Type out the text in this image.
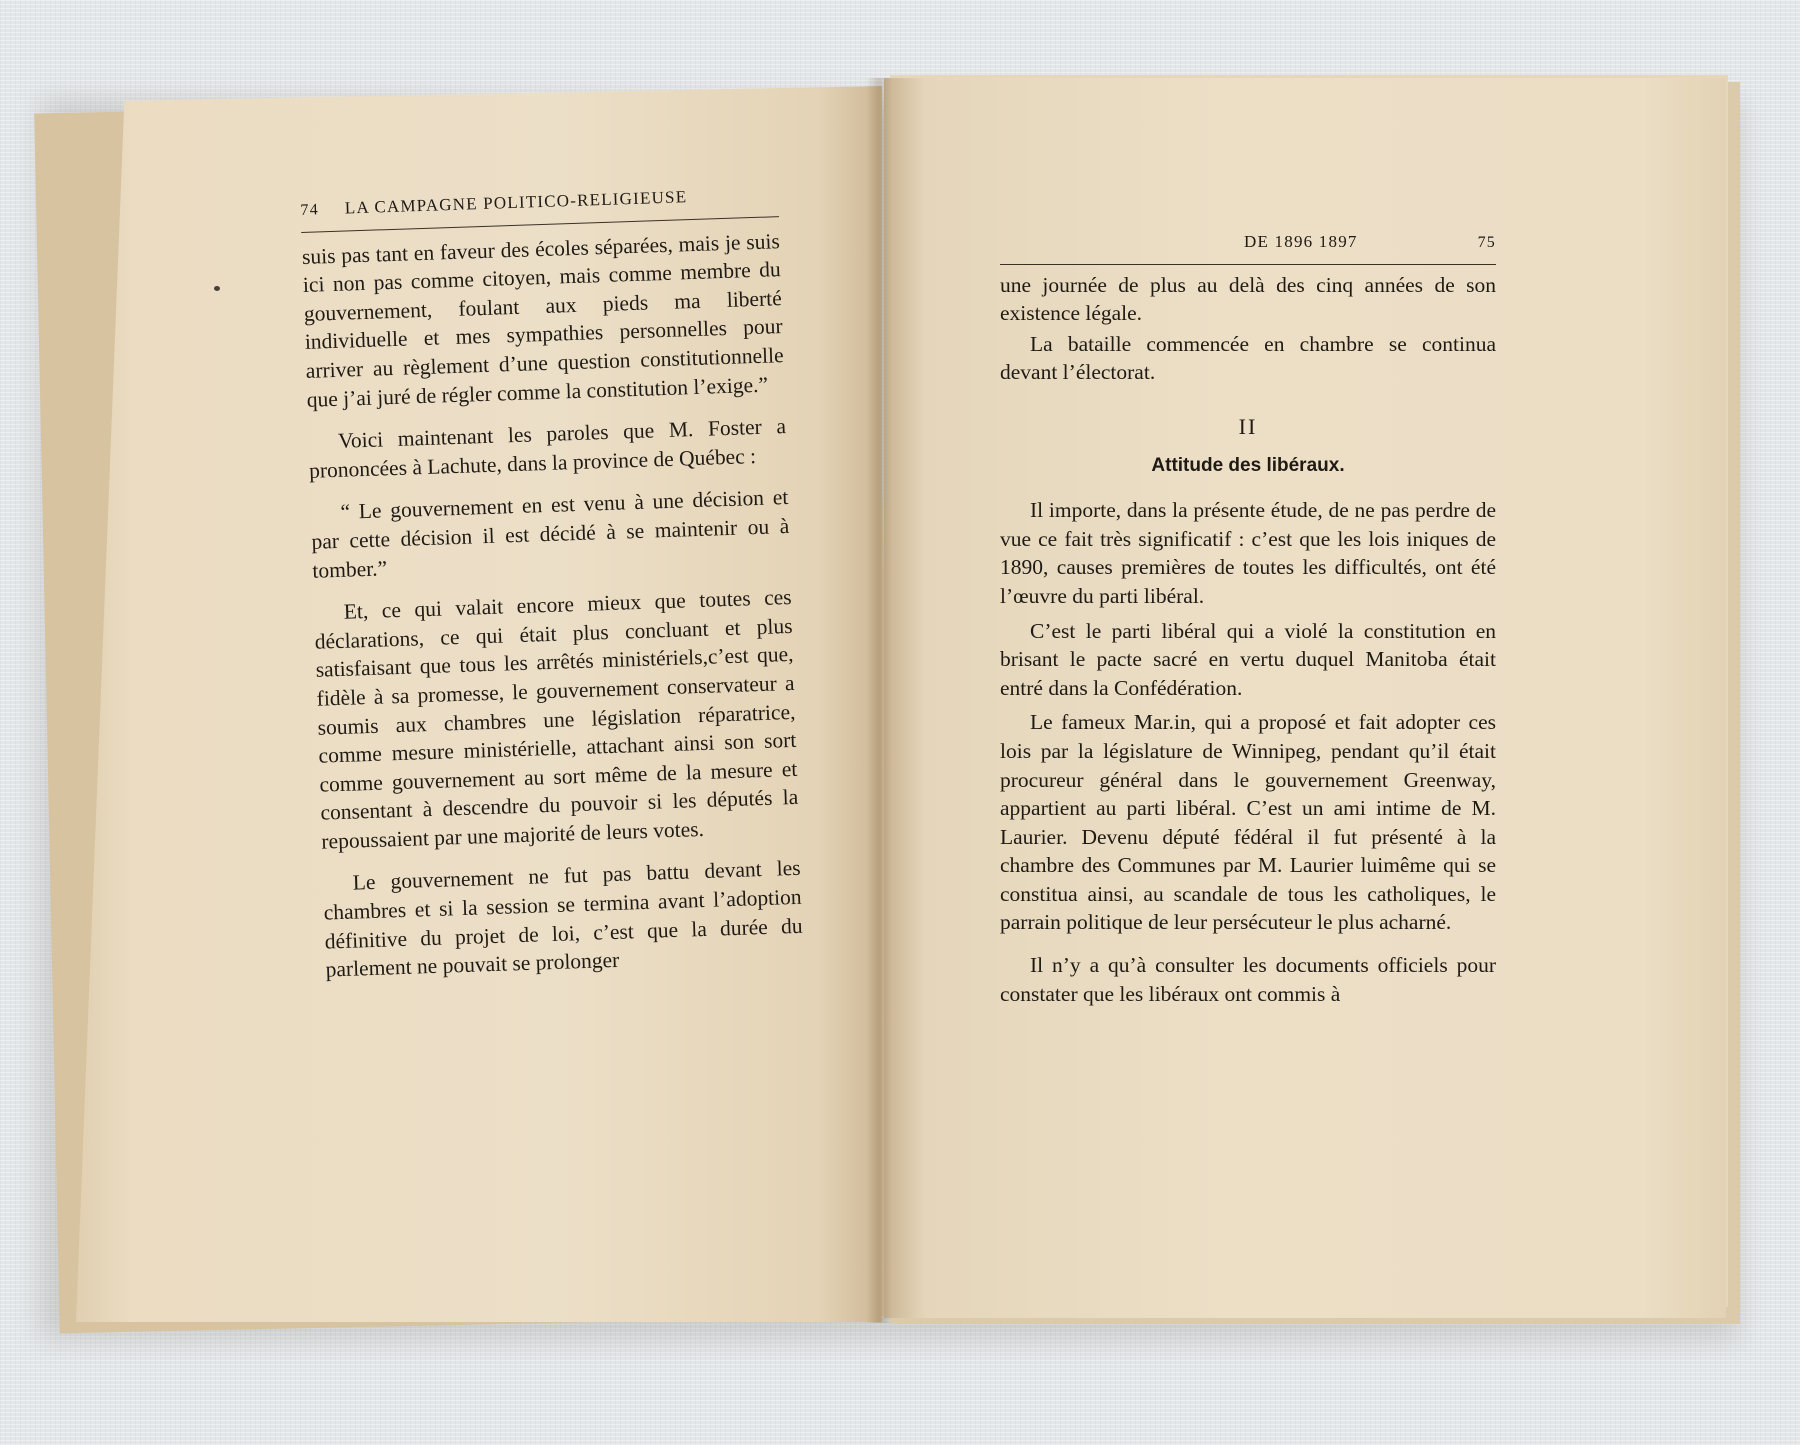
74 LA CAMPAGNE POLITICO-RELIGIEUSE

suis pas tant en faveur des écoles séparées, mais je suis ici non pas comme citoyen, mais comme membre du gouvernement, foulant aux pieds ma liberté individuelle et mes sympathies personnelles pour arriver au règlement d’une question constitutionnelle que j’ai juré de régler comme la constitution l’exige.”

Voici maintenant les paroles que M. Foster a prononcées à Lachute, dans la province de Québec :

“ Le gouvernement en est venu à une décision et par cette décision il est décidé à se maintenir ou à tomber.”

Et, ce qui valait encore mieux que toutes ces déclarations, ce qui était plus concluant et plus satisfaisant que tous les arrêtés ministériels,c’est que, fidèle à sa promesse, le gouvernement conservateur a soumis aux chambres une législation réparatrice, comme mesure ministérielle, attachant ainsi son sort comme gouvernement au sort même de la mesure et consentant à descendre du pouvoir si les députés la repoussaient par une majorité de leurs votes.

Le gouvernement ne fut pas battu devant les chambres et si la session se termina avant l’adoption définitive du projet de loi, c’est que la durée du parlement ne pouvait se prolonger

DE 1896 1897	75

une journée de plus au delà des cinq années de son existence légale.

La bataille commencée en chambre se continua devant l’électorat.

II
Attitude des libéraux.

Il importe, dans la présente étude, de ne pas perdre de vue ce fait très significatif : c’est que les lois iniques de 1890, causes premières de toutes les difficultés, ont été l’œuvre du parti libéral.

C’est le parti libéral qui a violé la constitution en brisant le pacte sacré en vertu duquel Manitoba était entré dans la Confédération.

Le fameux Mar.in, qui a proposé et fait adopter ces lois par la législature de Winnipeg, pendant qu’il était procureur général dans le gouvernement Greenway, appartient au parti libéral. C’est un ami intime de M. Laurier. Devenu député fédéral il fut présenté à la chambre des Communes par M. Laurier luimême qui se constitua ainsi, au scandale de tous les catholiques, le parrain politique de leur persécuteur le plus acharné.

Il n’y a qu’à consulter les documents officiels pour constater que les libéraux ont commis à
